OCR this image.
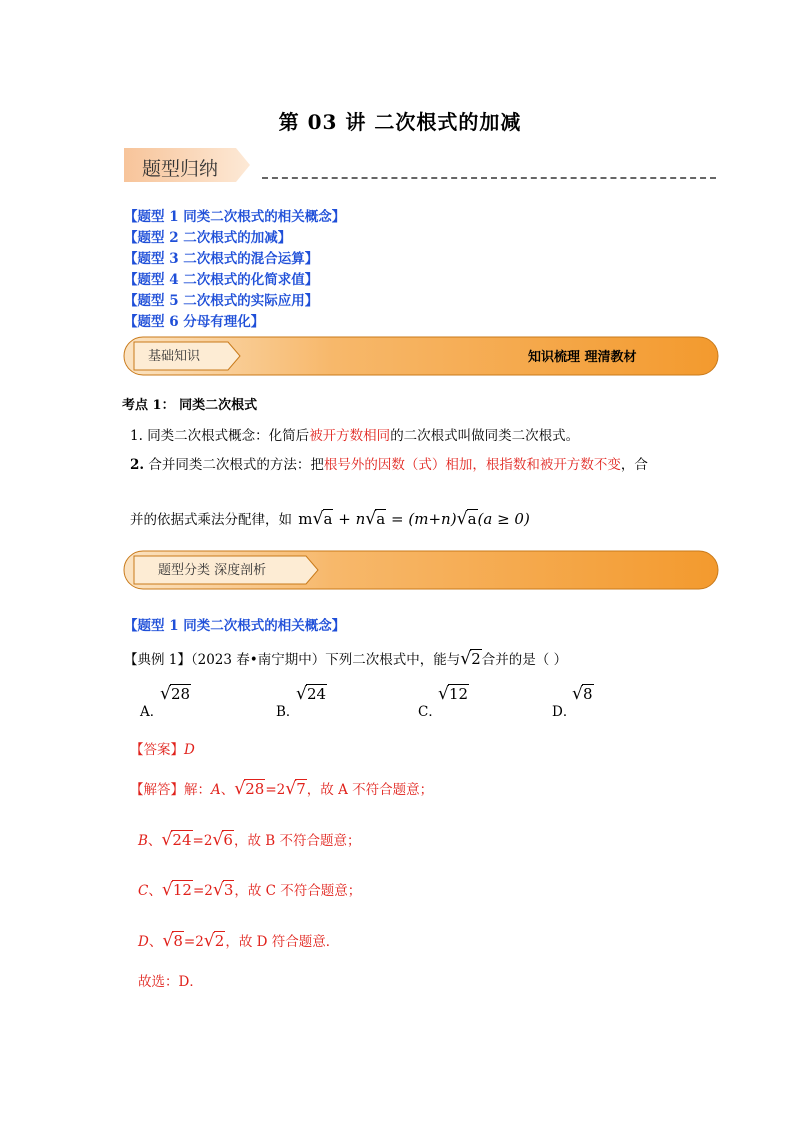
第 03 讲 二次根式的加减
题型归纳
【题型 1 同类二次根式的相关概念】
【题型 2 二次根式的加减】
【题型 3 二次根式的混合运算】
【题型 4 二次根式的化简求值】
【题型 5 二次根式的实际应用】
【题型 6 分母有理化】
基础知识	知识梳理 理清教材
考点 1： 同类二次根式
1. 同类二次根式概念：化简后被开方数相同的二次根式叫做同类二次根式。
2. 合并同类二次根式的方法：把根号外的因数（式）相加，根指数和被开方数不变，合
并的依据式乘法分配律，如 m√a + n√a = (m+n)√a(a ≥ 0)
题型分类 深度剖析
【题型 1 同类二次根式的相关概念】
【典例 1】（2023 春•南宁期中）下列二次根式中，能与√2合并的是（ ）
A．
√28
B．
√24
C．
√12
D．
√8
【答案】D
【解答】解：A、√28=2√7，故 A 不符合题意；
B、√24=2√6，故 B 不符合题意；
C、√12=2√3，故 C 不符合题意；
D、√8=2√2，故 D 符合题意．
故选：D．
